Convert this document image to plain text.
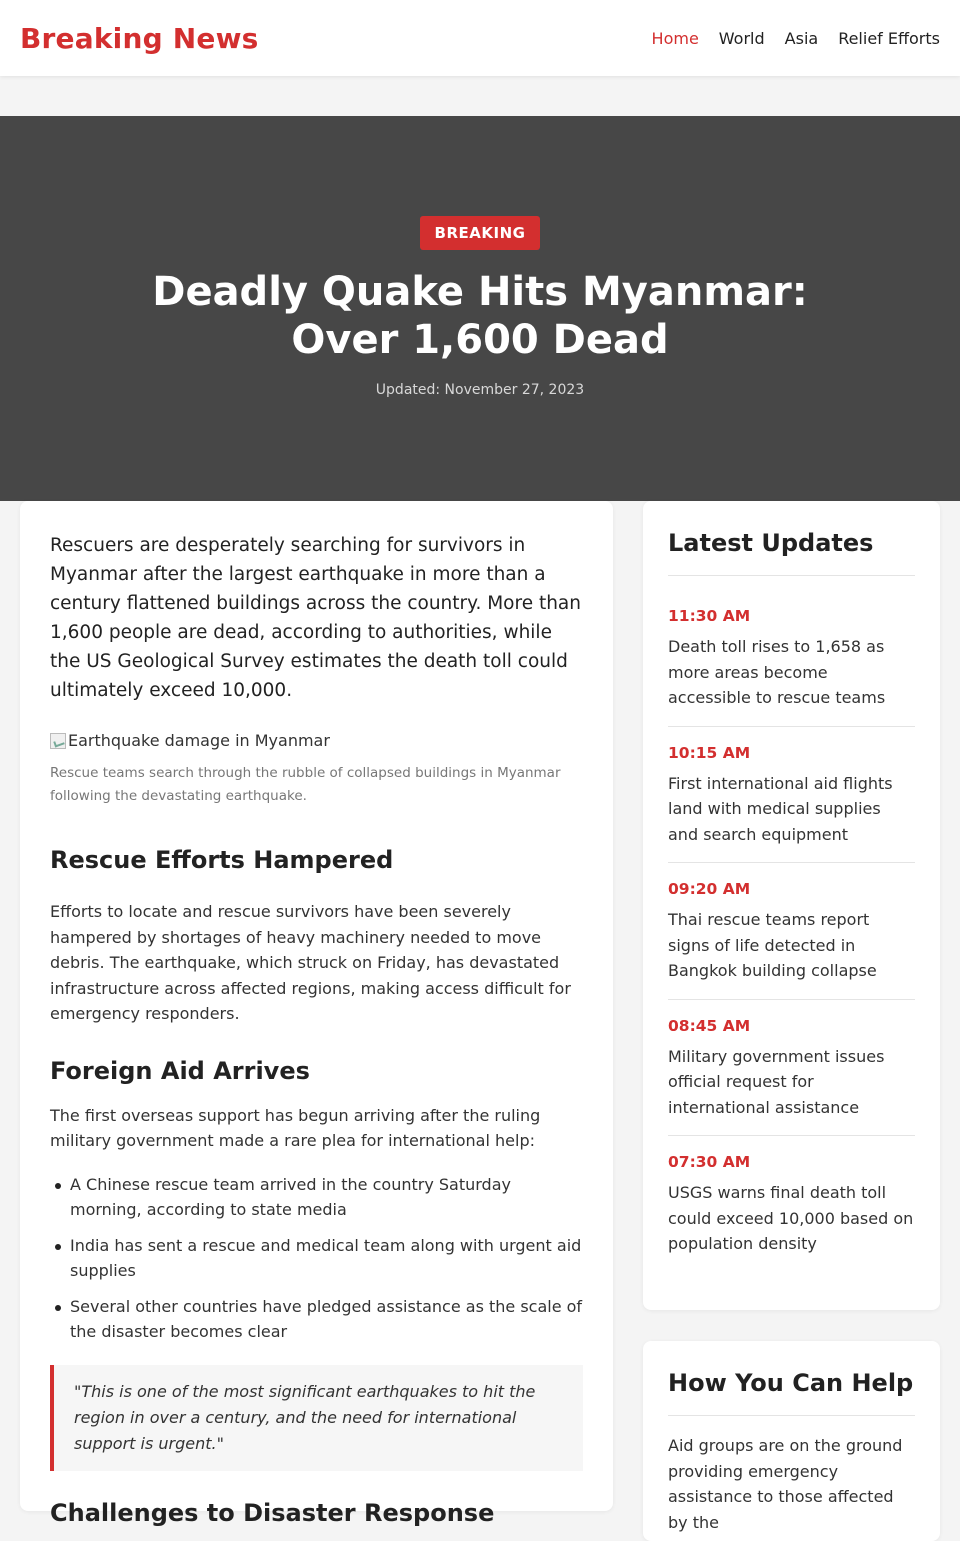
Breaking News	Home World Asia Relief Efforts
BREAKING
Deadly Quake Hits Myanmar: Over 1,600 Dead
Updated: November 27, 2023

Rescuers are desperately searching for survivors in Myanmar after the largest earthquake in more than a century flattened buildings across the country. More than 1,600 people are dead, according to authorities, while the US Geological Survey estimates the death toll could ultimately exceed 10,000.

Earthquake damage in Myanmar

Rescue teams search through the rubble of collapsed buildings in Myanmar following the devastating earthquake.

Rescue Efforts Hampered

Efforts to locate and rescue survivors have been severely hampered by shortages of heavy machinery needed to move debris. The earthquake, which struck on Friday, has devastated infrastructure across affected regions, making access difficult for emergency responders.

Foreign Aid Arrives

The first overseas support has begun arriving after the ruling military government made a rare plea for international help:

A Chinese rescue team arrived in the country Saturday morning, according to state media
India has sent a rescue and medical team along with urgent aid supplies
Several other countries have pledged assistance as the scale of the disaster becomes clear
"This is one of the most significant earthquakes to hit the region in over a century, and the need for international support is urgent."
Challenges to Disaster Response
Latest Updates
11:30 AM
Death toll rises to 1,658 as more areas become accessible to rescue teams
10:15 AM
First international aid flights land with medical supplies and search equipment
09:20 AM
Thai rescue teams report signs of life detected in Bangkok building collapse
08:45 AM
Military government issues official request for international assistance
07:30 AM
USGS warns final death toll could exceed 10,000 based on population density
How You Can Help

Aid groups are on the ground providing emergency assistance to those affected by the
